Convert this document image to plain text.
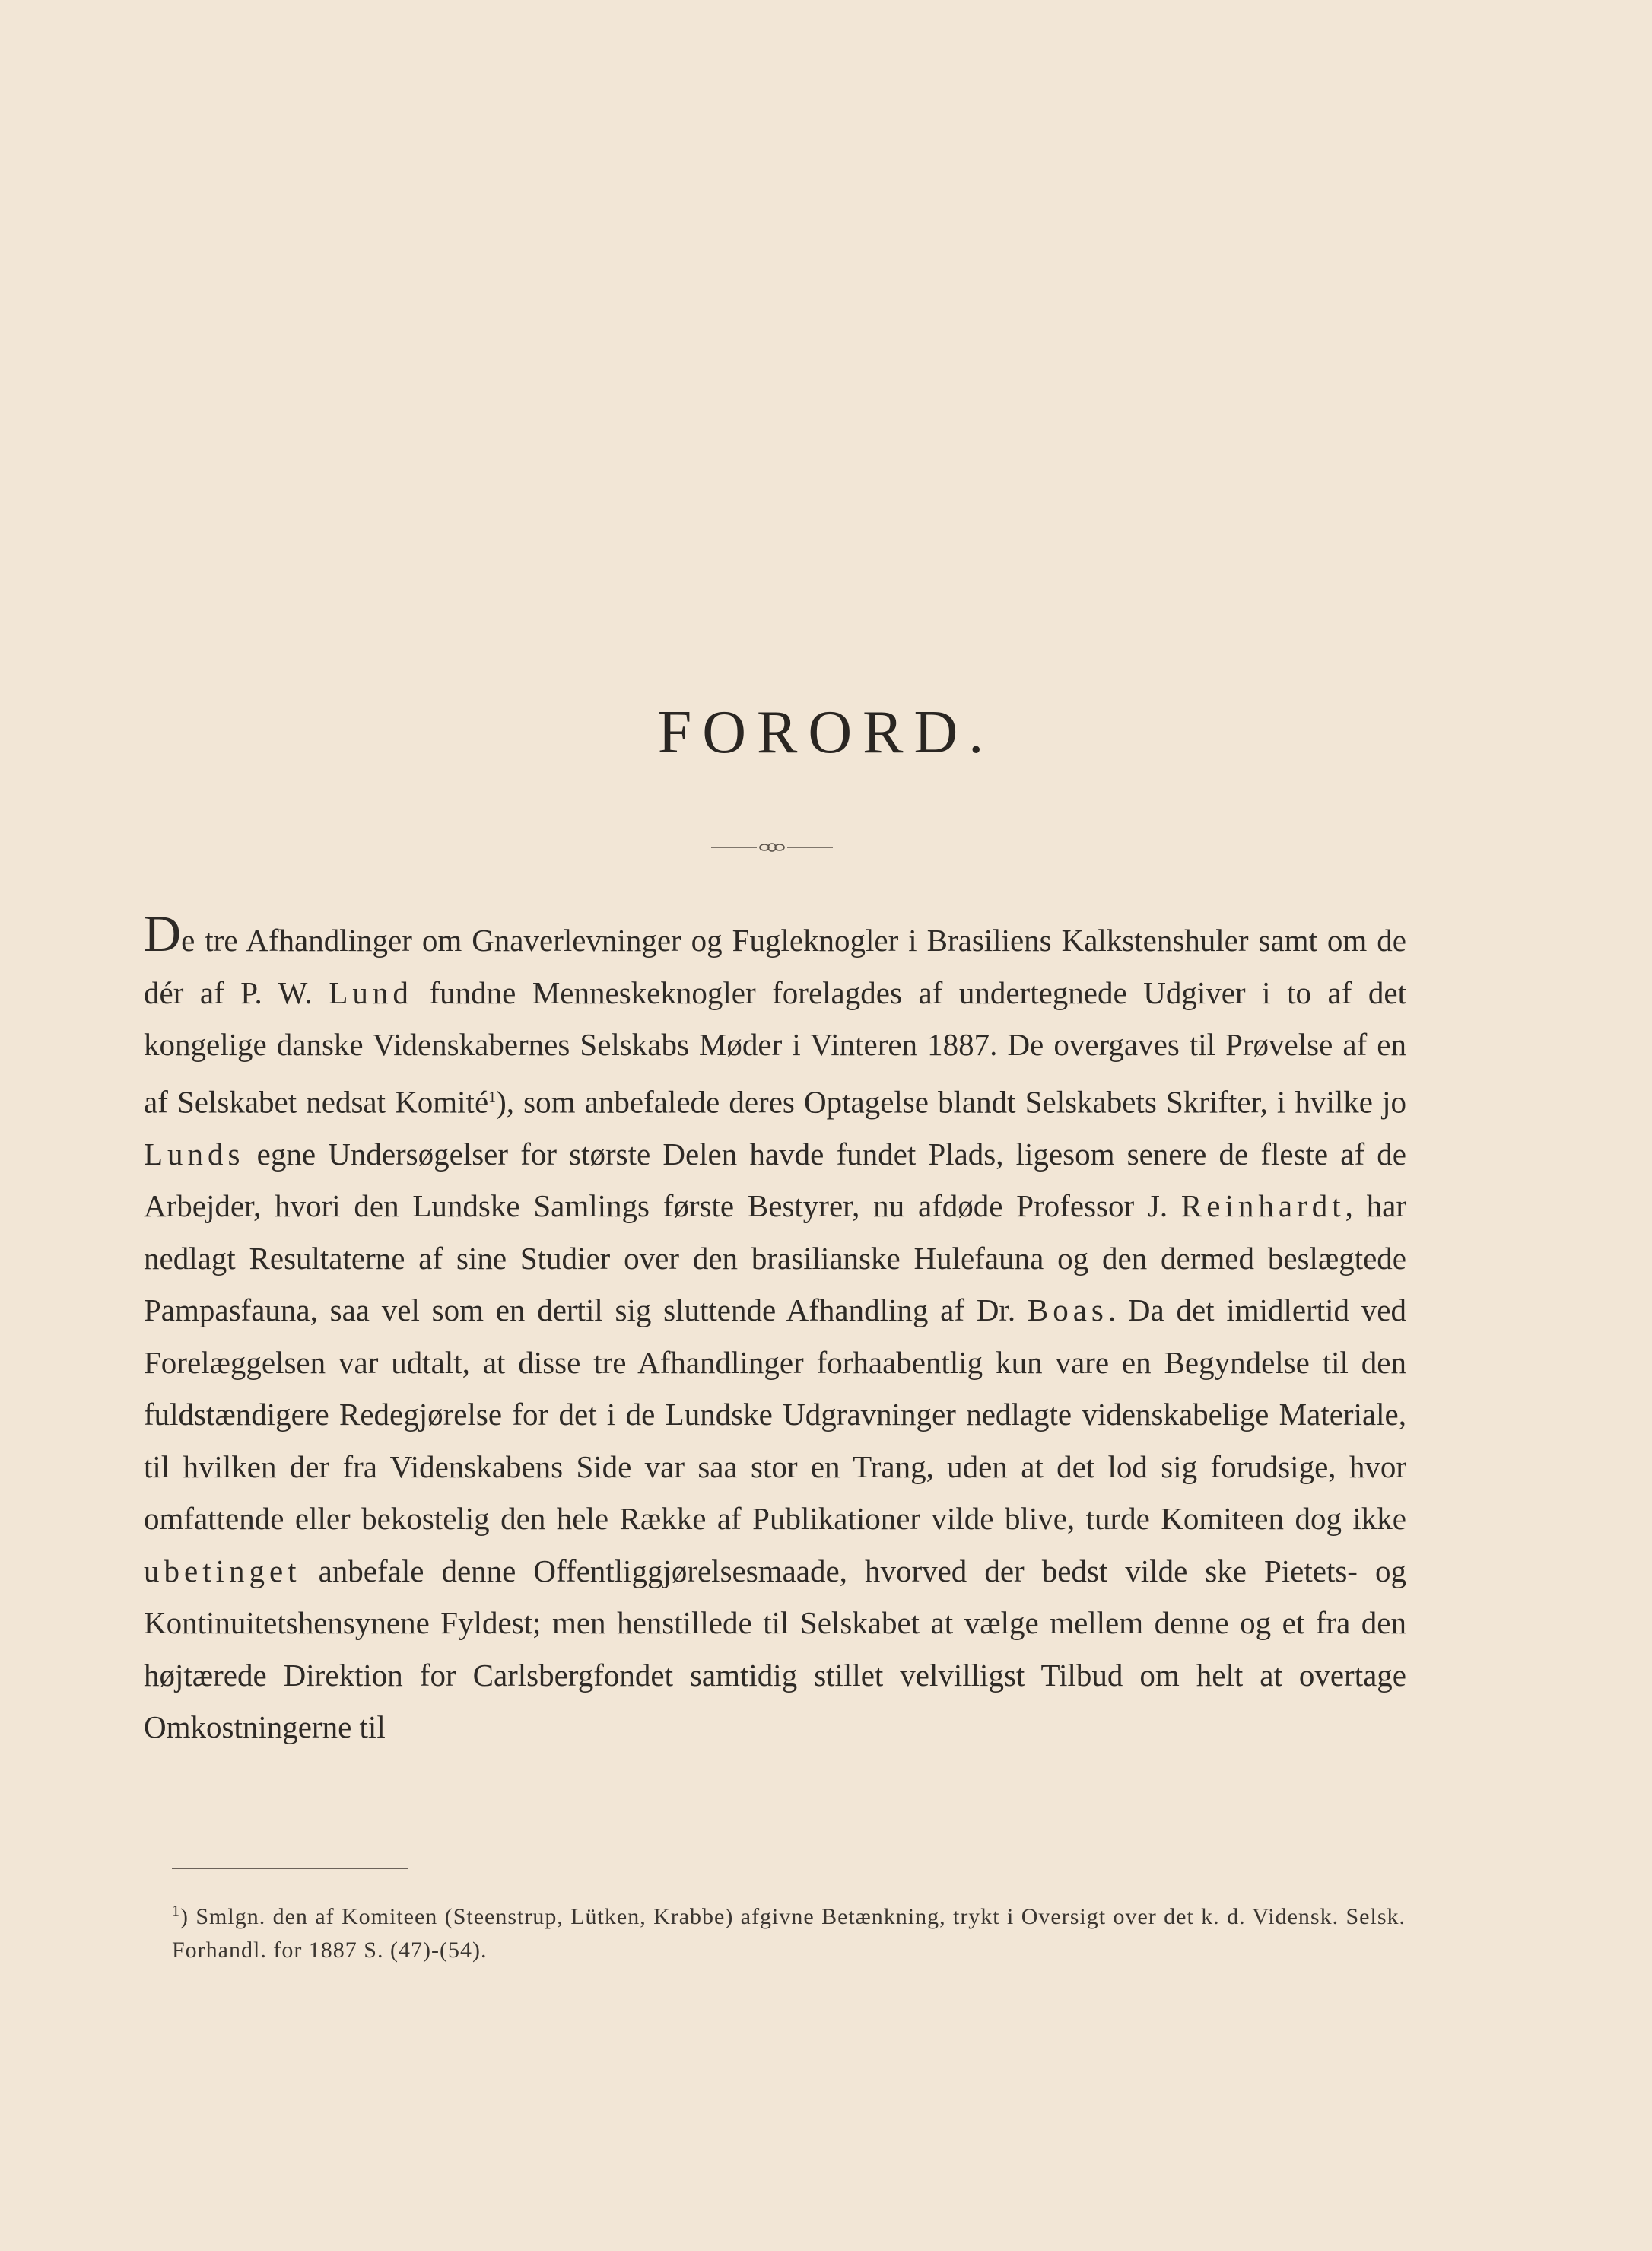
FORORD.

De tre Afhandlinger om Gnaverlevninger og Fugleknogler i Brasiliens Kalkstenshuler samt om de dér af P. W. Lund fundne Menneskeknogler forelagdes af undertegnede Udgiver i to af det kongelige danske Videnskabernes Selskabs Møder i Vinteren 1887. De overgaves til Prøvelse af en af Selskabet nedsat Komité$^1$), som anbefalede deres Optagelse blandt Selskabets Skrifter, i hvilke jo Lunds egne Undersøgelser for største Delen havde fundet Plads, ligesom senere de fleste af de Arbejder, hvori den Lundske Samlings første Bestyrer, nu afdøde Professor J. Reinhardt, har nedlagt Resultaterne af sine Studier over den brasilianske Hulefauna og den dermed beslægtede Pampasfauna, saa vel som en dertil sig sluttende Afhandling af Dr. Boas. Da det imidlertid ved Forelæggelsen var udtalt, at disse tre Afhandlinger forhaabentlig kun vare en Begyndelse til den fuldstændigere Redegjørelse for det i de Lundske Udgravninger nedlagte videnskabelige Materiale, til hvilken der fra Videnskabens Side var saa stor en Trang, uden at det lod sig forudsige, hvor omfattende eller bekostelig den hele Række af Publikationer vilde blive, turde Komiteen dog ikke ubetinget anbefale denne Offentliggjørelsesmaade, hvorved der bedst vilde ske Pietets- og Kontinuitetshensynene Fyldest; men henstillede til Selskabet at vælge mellem denne og et fra den højtærede Direktion for Carlsbergfondet samtidig stillet velvilligst Tilbud om helt at overtage Omkostningerne til

$^1$) Smlgn. den af Komiteen (Steenstrup, Lütken, Krabbe) afgivne Betænkning, trykt i Oversigt over det k. d. Vidensk. Selsk. Forhandl. for 1887 S. (47)-(54).
